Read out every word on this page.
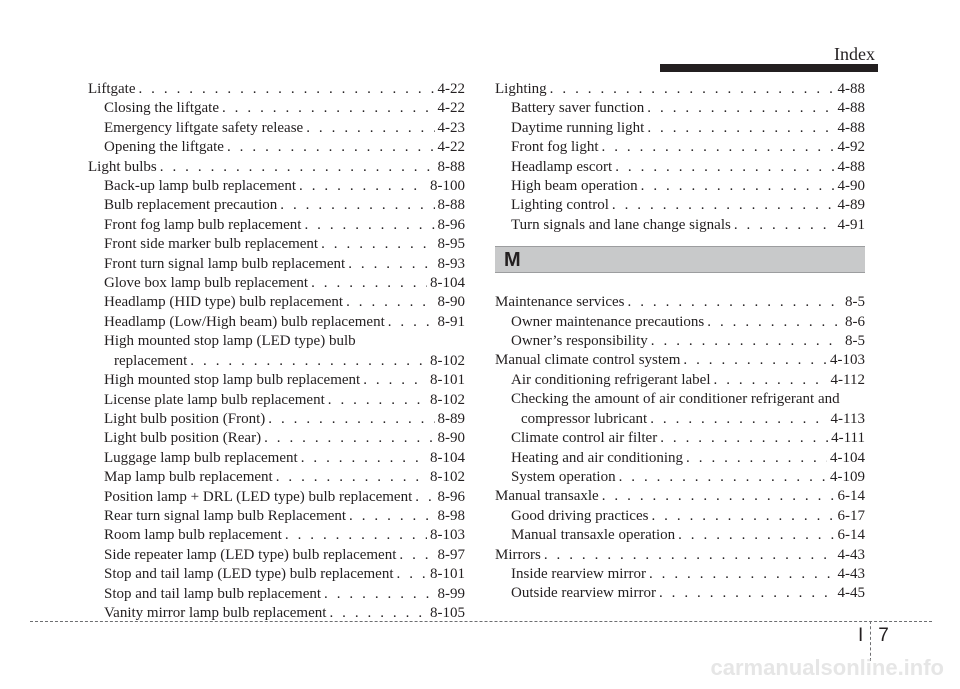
Index
Liftgate . . .	4-22
Closing the liftgate . . .	4-22
Emergency liftgate safety release . . .	4-23
Opening the liftgate . . .	4-22
Light bulbs . . .	8-88
Back-up lamp bulb replacement . . .	8-100
Bulb replacement precaution . . .	8-88
Front fog lamp bulb replacement . . .	8-96
Front side marker bulb replacement . . .	8-95
Front turn signal lamp bulb replacement . . .	8-93
Glove box lamp bulb replacement . . .	8-104
Headlamp (HID type) bulb replacement . . .	8-90
Headlamp (Low/High beam) bulb replacement . . .	8-91
High mounted stop lamp (LED type) bulb
replacement . . .	8-102
High mounted stop lamp bulb replacement . . .	8-101
License plate lamp bulb replacement . . .	8-102
Light bulb position (Front) . . .	8-89
Light bulb position (Rear) . . .	8-90
Luggage lamp bulb replacement . . .	8-104
Map lamp bulb replacement . . .	8-102
Position lamp + DRL (LED type) bulb replacement . . . 8-96
Rear turn signal lamp bulb Replacement . . .	8-98
Room lamp bulb replacement . . .	8-103
Side repeater lamp (LED type) bulb replacement . . .	8-97
Stop and tail lamp (LED type) bulb replacement . . . 8-101
Stop and tail lamp bulb replacement . . .	8-99
Vanity mirror lamp bulb replacement . . .	8-105
Lighting . . .	4-88
Battery saver function . . .	4-88
Daytime running light . . .	4-88
Front fog light . . .	4-92
Headlamp escort . . .	4-88
High beam operation . . .	4-90
Lighting control . . .	4-89
Turn signals and lane change signals . . .	4-91
M
Maintenance services . . .	8-5
Owner maintenance precautions . . .	8-6
Owner’s responsibility . . .	8-5
Manual climate control system . . .	4-103
Air conditioning refrigerant label . . .	4-112
Checking the amount of air conditioner refrigerant and
compressor lubricant . . .	4-113
Climate control air filter . . .	4-111
Heating and air conditioning . . .	4-104
System operation . . .	4-109
Manual transaxle . . .	6-14
Good driving practices . . .	6-17
Manual transaxle operation . . .	6-14
Mirrors . . .	4-43
Inside rearview mirror . . .	4-43
Outside rearview mirror . . .	4-45
I 7
carmanualsonline.info
